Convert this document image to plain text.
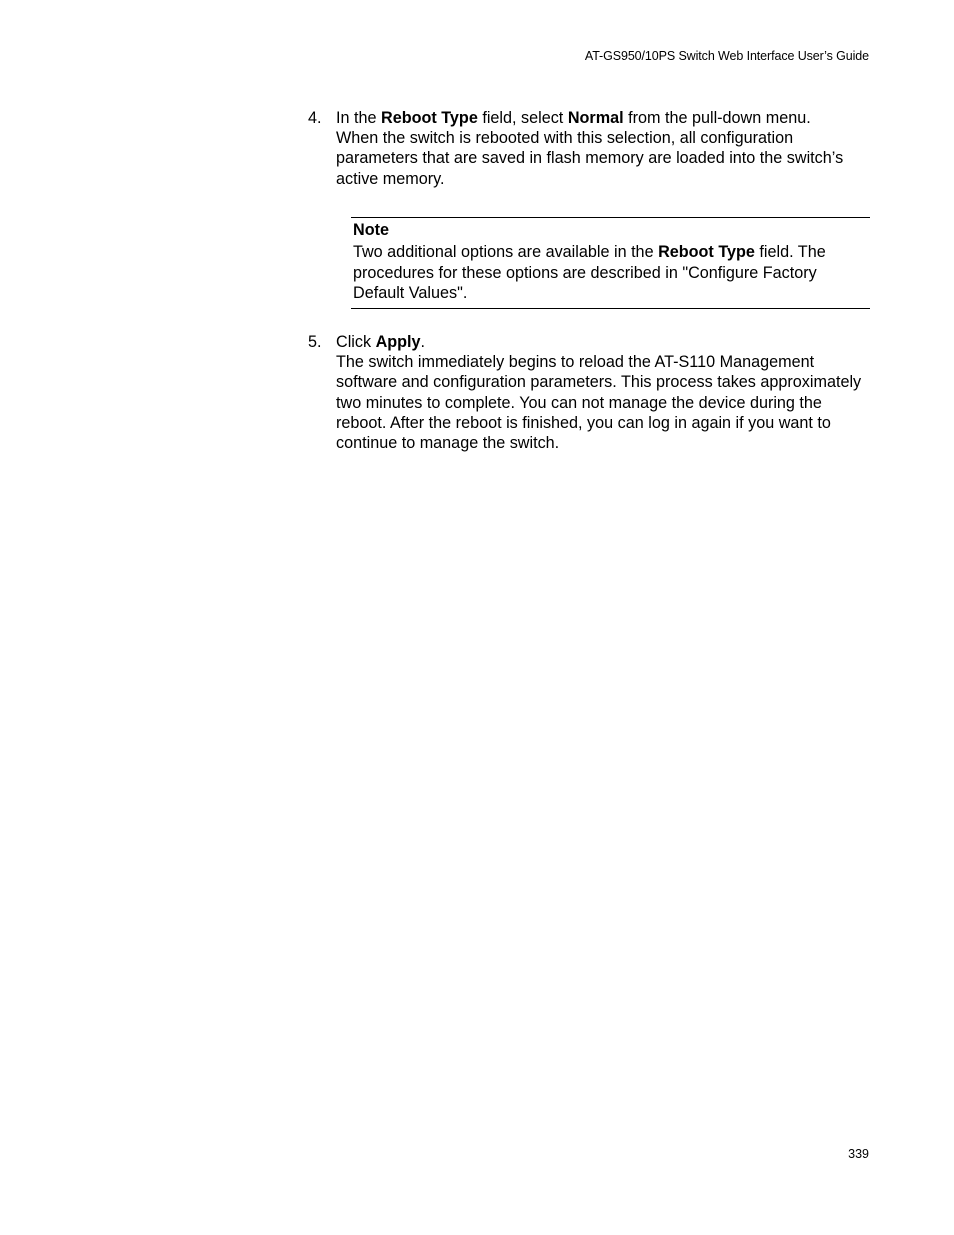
AT-GS950/10PS Switch Web Interface User’s Guide
4. In the Reboot Type field, select Normal from the pull-down menu.
When the switch is rebooted with this selection, all configuration parameters that are saved in flash memory are loaded into the switch’s active memory.
Note
Two additional options are available in the Reboot Type field. The procedures for these options are described in "Configure Factory Default Values".
5. Click Apply.
The switch immediately begins to reload the AT-S110 Management software and configuration parameters. This process takes approximately two minutes to complete. You can not manage the device during the reboot. After the reboot is finished, you can log in again if you want to continue to manage the switch.
339
